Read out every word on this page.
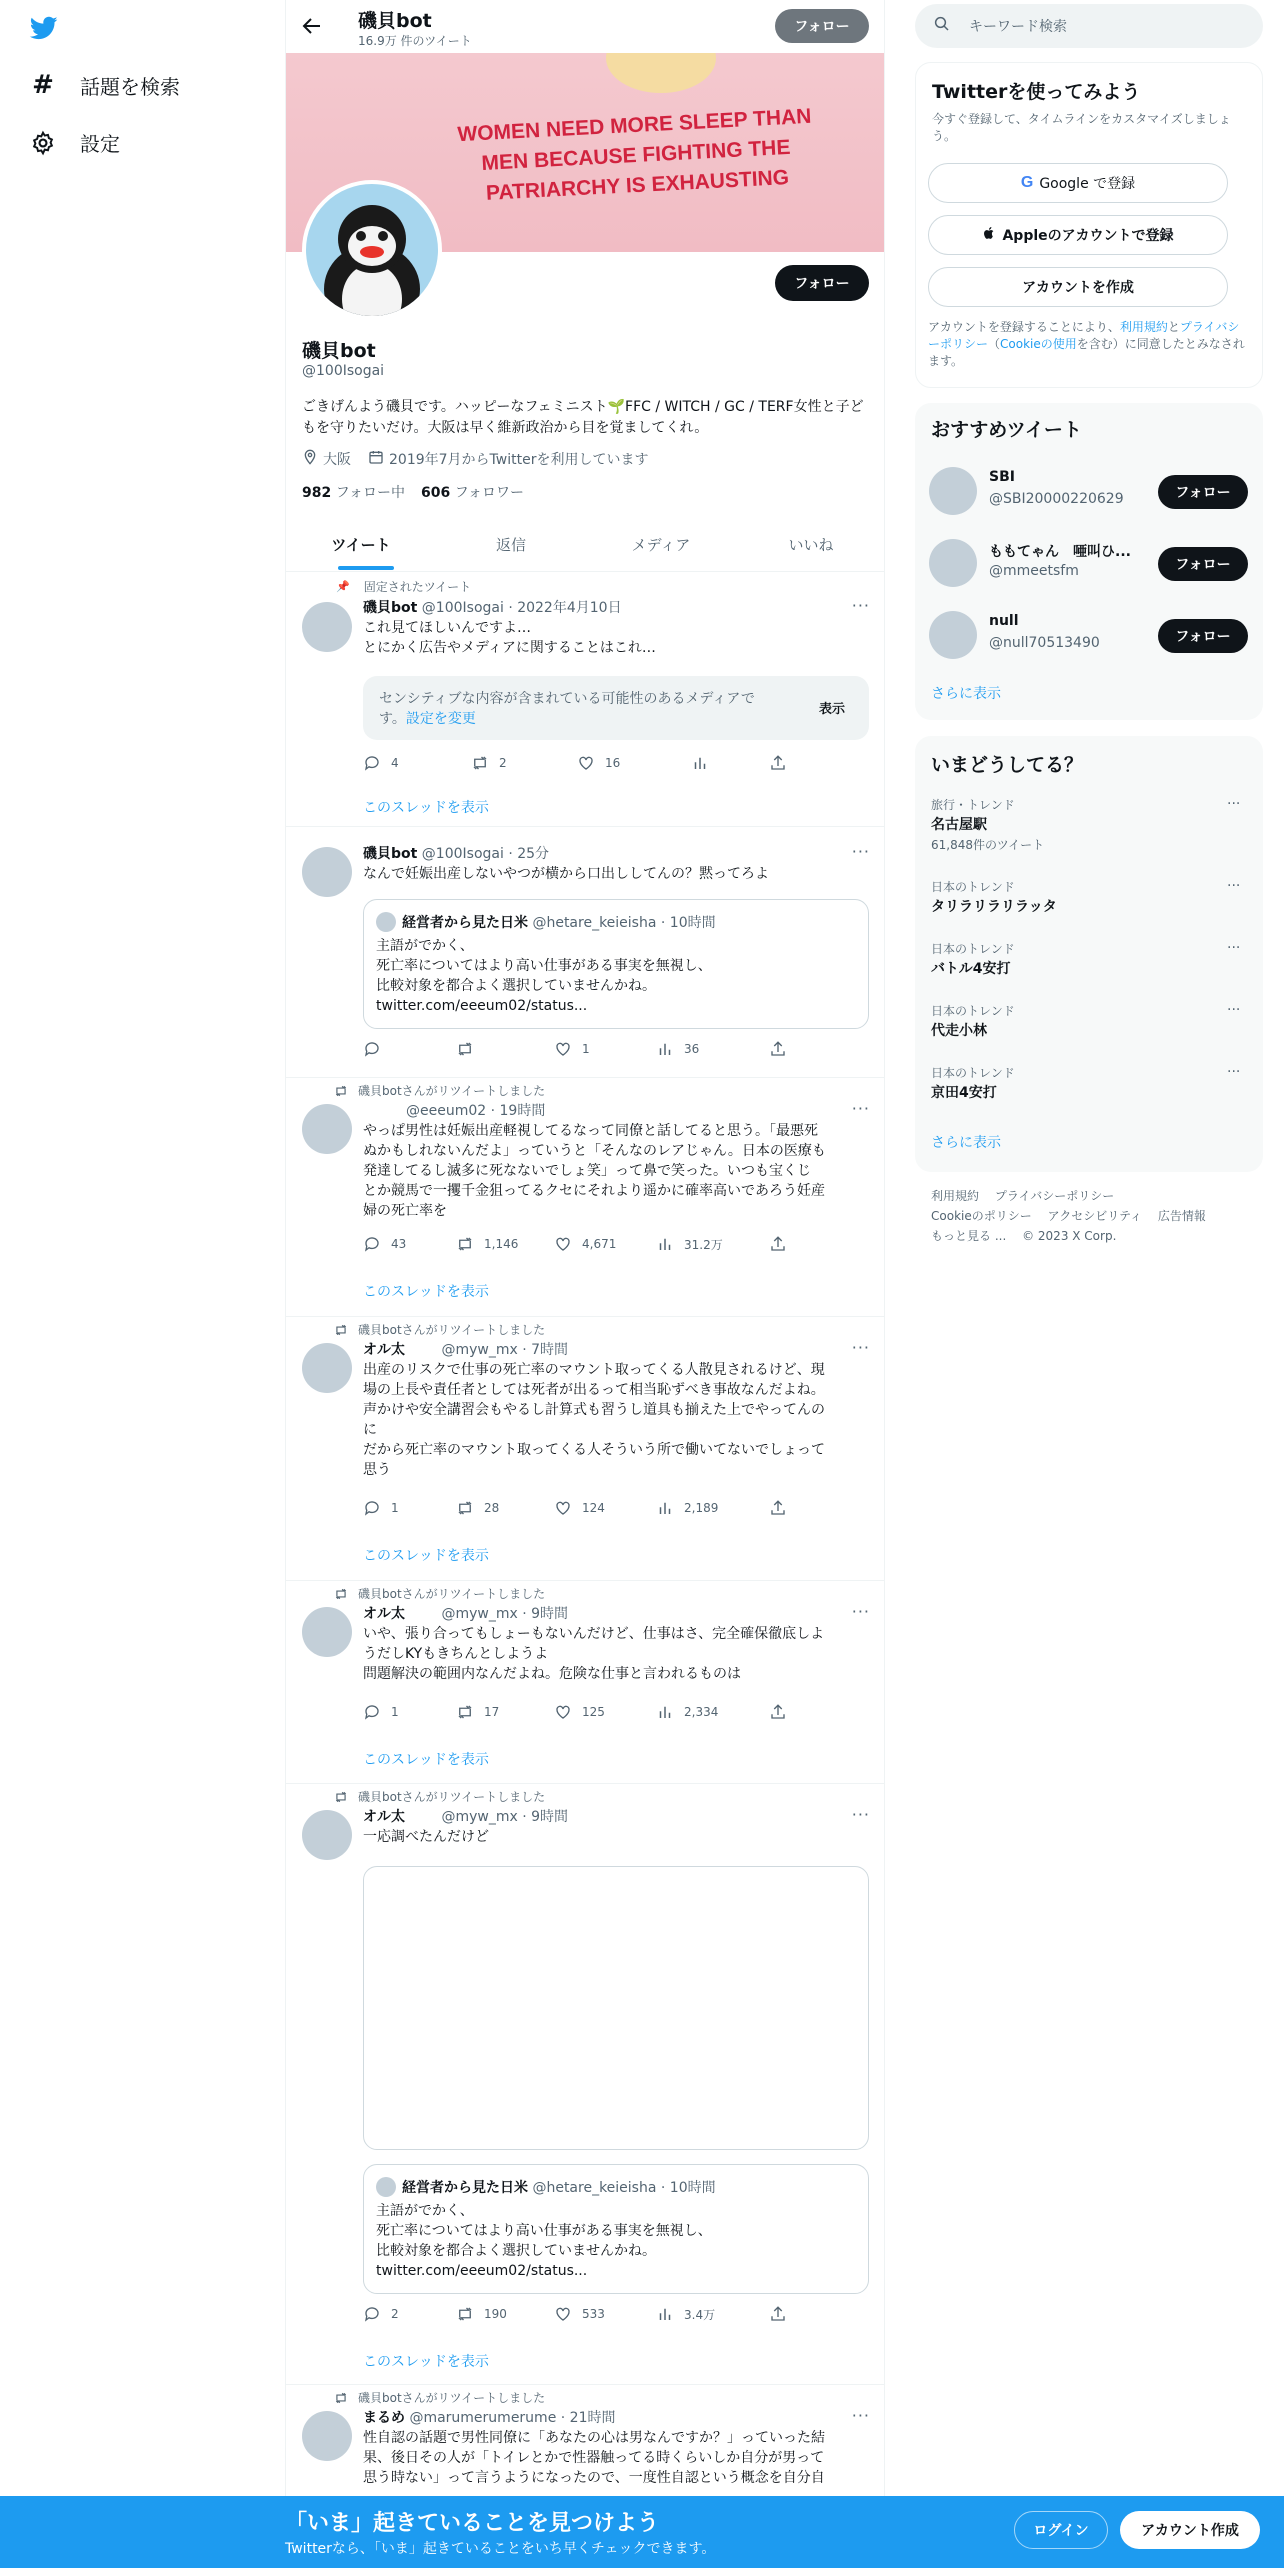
# 話題を検索
設定
磯貝bot
16.9万 件のツイート
フォロー
WOMEN NEED MORE SLEEP THAN
MEN BECAUSE FIGHTING THE
PATRIARCHY IS EXHAUSTING
フォロー
磯貝bot
@100Isogai
ごきげんよう磯貝です。ハッピーなフェミニスト🌱FFC / WITCH / GC / TERF女性と子どもを守りたいだけ。大阪は早く維新政治から目を覚ましてくれ。
大阪	2019年7月からTwitterを利用しています
982 フォロー中 606 フォロワー
ツイート	返信	メディア	いいね
📌 固定されたツイート
磯貝bot @100Isogai · 2022年4月10日	···
これ見てほしいんですよ…
とにかく広告やメディアに関することはこれ…
センシティブな内容が含まれている可能性のあるメディアで
す。設定を変更
表示
4	2	16
このスレッドを表示
磯貝bot @100Isogai · 25分	···
なんで妊娠出産しないやつが横から口出ししてんの？黙ってろよ
経営者から見た日米 @hetare_keieisha · 10時間
主語がでかく、
死亡率についてはより高い仕事がある事実を無視し、
比較対象を都合よく選択していませんかね。
twitter.com/eeeum02/status...
1	36
磯貝botさんがリツイートしました
@eeeum02 · 19時間	···
やっぱ男性は妊娠出産軽視してるなって同僚と話してると思う。「最悪死
ぬかもしれないんだよ」っていうと「そんなのレアじゃん。日本の医療も
発達してるし滅多に死なないでしょ笑」って鼻で笑った。いつも宝くじ
とか競馬で一攫千金狙ってるクセにそれより遥かに確率高いであろう妊産
婦の死亡率を
43	1,146	4,671	31.2万
このスレッドを表示
磯貝botさんがリツイートしました
オル太	@myw_mx · 7時間	···
出産のリスクで仕事の死亡率のマウント取ってくる人散見されるけど、現
場の上長や責任者としては死者が出るって相当恥ずべき事故なんだよね。
声かけや安全講習会もやるし計算式も習うし道具も揃えた上でやってんの
に
だから死亡率のマウント取ってくる人そういう所で働いてないでしょって
思う
1	28	124	2,189
このスレッドを表示
磯貝botさんがリツイートしました
オル太	@myw_mx · 9時間	···
いや、張り合ってもしょーもないんだけど、仕事はさ、完全確保徹底しよ
うだしKYもきちんとしようよ
問題解決の範囲内なんだよね。危険な仕事と言われるものは
1	17	125	2,334
このスレッドを表示
磯貝botさんがリツイートしました
オル太	@myw_mx · 9時間	···
一応調べたんだけど
経営者から見た日米 @hetare_keieisha · 10時間
主語がでかく、
死亡率についてはより高い仕事がある事実を無視し、
比較対象を都合よく選択していませんかね。
twitter.com/eeeum02/status...
2	190	533	3.4万
このスレッドを表示
磯貝botさんがリツイートしました
まるめ @marumerumerume · 21時間	···
性自認の話題で男性同僚に「あなたの心は男なんですか？」っていった結
果、後日その人が「トイレとかで性器触ってる時くらいしか自分が男って
思う時ない」って言うようになったので、一度性自認という概念を自分自
キーワード検索
Twitterを使ってみよう
今すぐ登録して、タイムラインをカスタマイズしましょう。
G Google で登録
Appleのアカウントで登録
アカウントを作成
アカウントを登録することにより、利用規約とプライバシーポリシー（Cookieの使用を含む）に同意したとみなされます。
おすすめツイート
SBI
@SBI20000220629	フォロー
ももてゃん　唖叫ひ...
@mmeetsfm	フォロー
null
@null70513490	フォロー
さらに表示
いまどうしてる？
旅行・トレンド
名古屋駅
61,848件のツイート
···
日本のトレンド
タリラリラリラッタ
···
日本のトレンド
バトル4安打
···
日本のトレンド
代走小林
···
日本のトレンド
京田4安打
···
さらに表示
利用規約 プライバシーポリシー
Cookieのポリシー アクセシビリティ 広告情報
もっと見る ... © 2023 X Corp.
「いま」起きていることを見つけよう
Twitterなら、「いま」起きていることをいち早くチェックできます。
ログイン	アカウント作成
